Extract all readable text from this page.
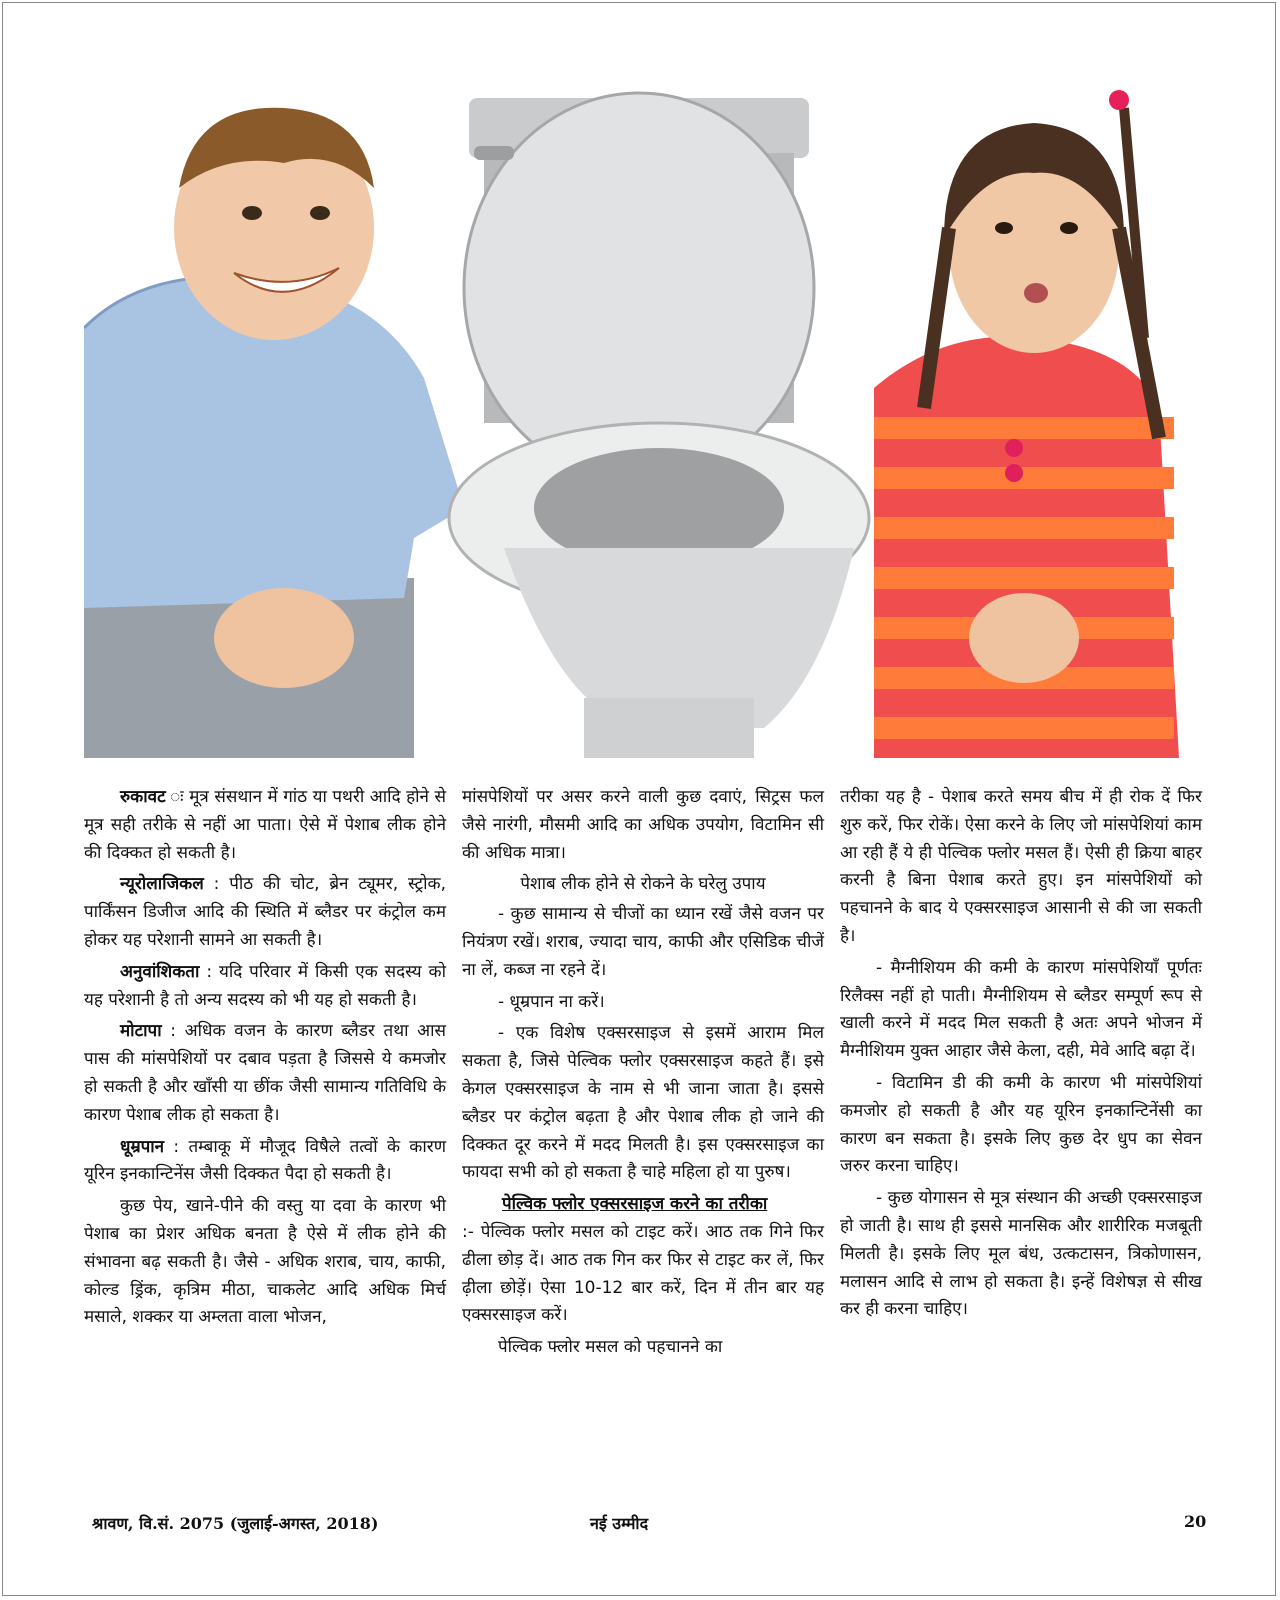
रुकावट ः मूत्र संसथान में गांठ या पथरी आदि होने से मूत्र सही तरीके से नहीं आ पाता। ऐसे में पेशाब लीक होने की दिक्कत हो सकती है।

न्यूरोलाजिकल : पीठ की चोट, ब्रेन ट्यूमर, स्ट्रोक, पार्किंसन डिजीज आदि की स्थिति में ब्लैडर पर कंट्रोल कम होकर यह परेशानी सामने आ सकती है।

अनुवांशिकता : यदि परिवार में किसी एक सदस्य को यह परेशानी है तो अन्य सदस्य को भी यह हो सकती है।

मोटापा : अधिक वजन के कारण ब्लैडर तथा आस पास की मांसपेशियों पर दबाव पड़ता है जिससे ये कमजोर हो सकती है और खाँसी या छींक जैसी सामान्य गतिविधि के कारण पेशाब लीक हो सकता है।

धूम्रपान : तम्बाकू में मौजूद विषैले तत्वों के कारण यूरिन इनकान्टिनेंस जैसी दिक्कत पैदा हो सकती है।

कुछ पेय, खाने-पीने की वस्तु या दवा के कारण भी पेशाब का प्रेशर अधिक बनता है ऐसे में लीक होने की संभावना बढ़ सकती है। जैसे - अधिक शराब, चाय, काफी, कोल्ड ड्रिंक, कृत्रिम मीठा, चाकलेट आदि अधिक मिर्च मसाले, शक्कर या अम्लता वाला भोजन,

मांसपेशियों पर असर करने वाली कुछ दवाएं, सिट्रस फल जैसे नारंगी, मौसमी आदि का अधिक उपयोग, विटामिन सी की अधिक मात्रा।

पेशाब लीक होने से रोकने के घरेलु उपाय

- कुछ सामान्य से चीजों का ध्यान रखें जैसे वजन पर नियंत्रण रखें। शराब, ज्यादा चाय, काफी और एसिडिक चीजें ना लें, कब्ज ना रहने दें।

- धूम्रपान ना करें।

- एक विशेष एक्सरसाइज से इसमें आराम मिल सकता है, जिसे पेल्विक फ्लोर एक्सरसाइज कहते हैं। इसे केगल एक्सरसाइज के नाम से भी जाना जाता है। इससे ब्लैडर पर कंट्रोल बढ़ता है और पेशाब लीक हो जाने की दिक्कत दूर करने में मदद मिलती है। इस एक्सरसाइज का फायदा सभी को हो सकता है चाहे महिला हो या पुरुष।

पेल्विक फ्लोर एक्सरसाइज करने का तरीका

:- पेल्विक फ्लोर मसल को टाइट करें। आठ तक गिने फिर ढीला छोड़ दें। आठ तक गिन कर फिर से टाइट कर लें, फिर ढ़ीला छोड़ें। ऐसा 10-12 बार करें, दिन में तीन बार यह एक्सरसाइज करें।

पेल्विक फ्लोर मसल को पहचानने का

तरीका यह है - पेशाब करते समय बीच में ही रोक दें फिर शुरु करें, फिर रोकें। ऐसा करने के लिए जो मांसपेशियां काम आ रही हैं ये ही पेल्विक फ्लोर मसल हैं। ऐसी ही क्रिया बाहर करनी है बिना पेशाब करते हुए। इन मांसपेशियों को पहचानने के बाद ये एक्सरसाइज आसानी से की जा सकती है।

- मैग्नीशियम की कमी के कारण मांसपेशियाँ पूर्णतः रिलैक्स नहीं हो पाती। मैग्नीशियम से ब्लैडर सम्पूर्ण रूप से खाली करने में मदद मिल सकती है अतः अपने भोजन में मैग्नीशियम युक्त आहार जैसे केला, दही, मेवे आदि बढ़ा दें।

- विटामिन डी की कमी के कारण भी मांसपेशियां कमजोर हो सकती है और यह यूरिन इनकान्टिनेंसी का कारण बन सकता है। इसके लिए कुछ देर धुप का सेवन जरुर करना चाहिए।

- कुछ योगासन से मूत्र संस्थान की अच्छी एक्सरसाइज हो जाती है। साथ ही इससे मानसिक और शारीरिक मजबूती मिलती है। इसके लिए मूल बंध, उत्कटासन, त्रिकोणासन, मलासन आदि से लाभ हो सकता है। इन्हें विशेषज्ञ से सीख कर ही करना चाहिए।

श्रावण, वि.सं. 2075 (जुलाई-अगस्त, 2018)	नई उम्मीद	20
